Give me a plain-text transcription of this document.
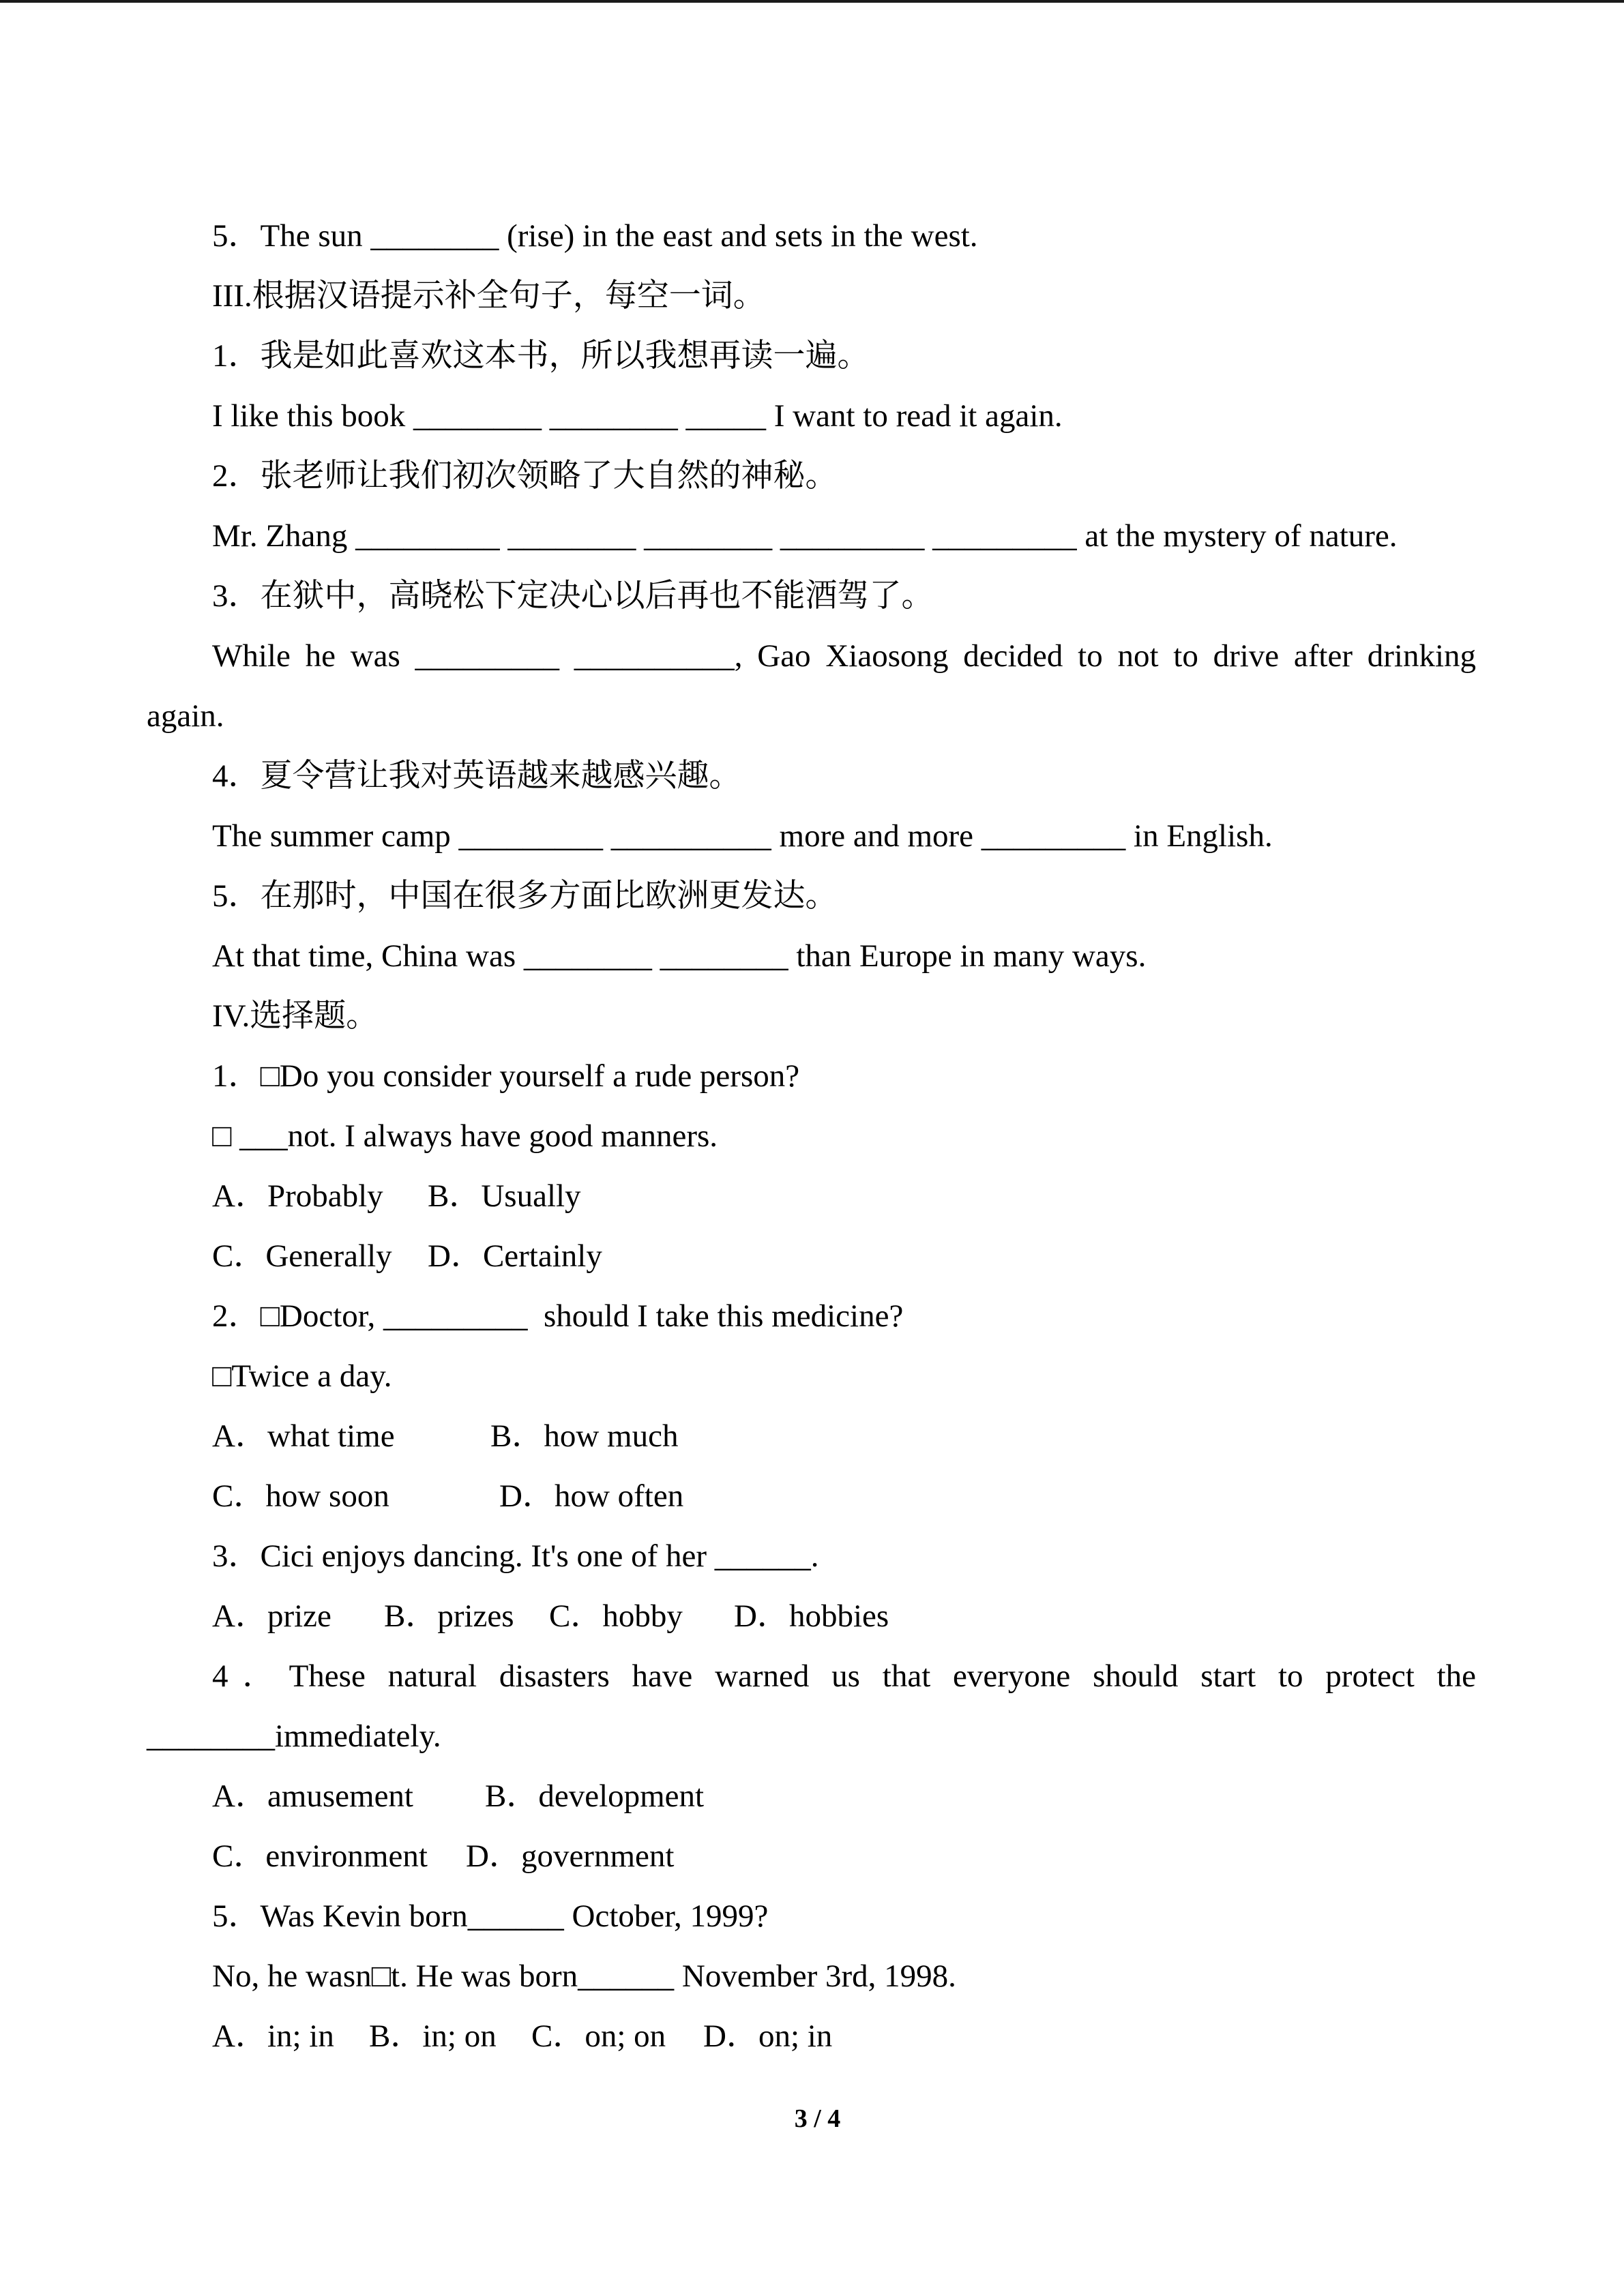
5．The sun ________ (rise) in the east and sets in the west.
III.根据汉语提示补全句子，每空一词。
1．我是如此喜欢这本书，所以我想再读一遍。
I like this book ________ ________ _____ I want to read it again.
2．张老师让我们初次领略了大自然的神秘。
Mr. Zhang _________ ________ ________ _________ _________ at the mystery of nature.
3．在狱中，高晓松下定决心以后再也不能酒驾了。
While he was _________ __________, Gao Xiaosong decided to not to drive after drinking
again.
4．夏令营让我对英语越来越感兴趣。
The summer camp _________ __________ more and more _________ in English.
5．在那时，中国在很多方面比欧洲更发达。
At that time, China was ________ ________ than Europe in many ways.
IV.选择题。
1．□Do you consider yourself a rude person?
□ ___not. I always have good manners.

A．Probably

B．Usually

C．Generally

D．Certainly

2．□Doctor, _________  should I take this medicine?
□Twice a day.

A．what time

	B．how much

C．how soon

	D．how often

3．Cici enjoys dancing. It's one of her ______.

A．prize

B．prizes

C．hobby

D．hobbies

4．These natural disasters have warned us that everyone should start to protect the
________immediately.

A．amusement

B．development

C．environment

D．government

5．Was Kevin born______ October, 1999?
No, he wasn□t. He was born______ November 3rd, 1998.

A．in; in

B．in; on

C．on; on

D．on; in

3 / 4
